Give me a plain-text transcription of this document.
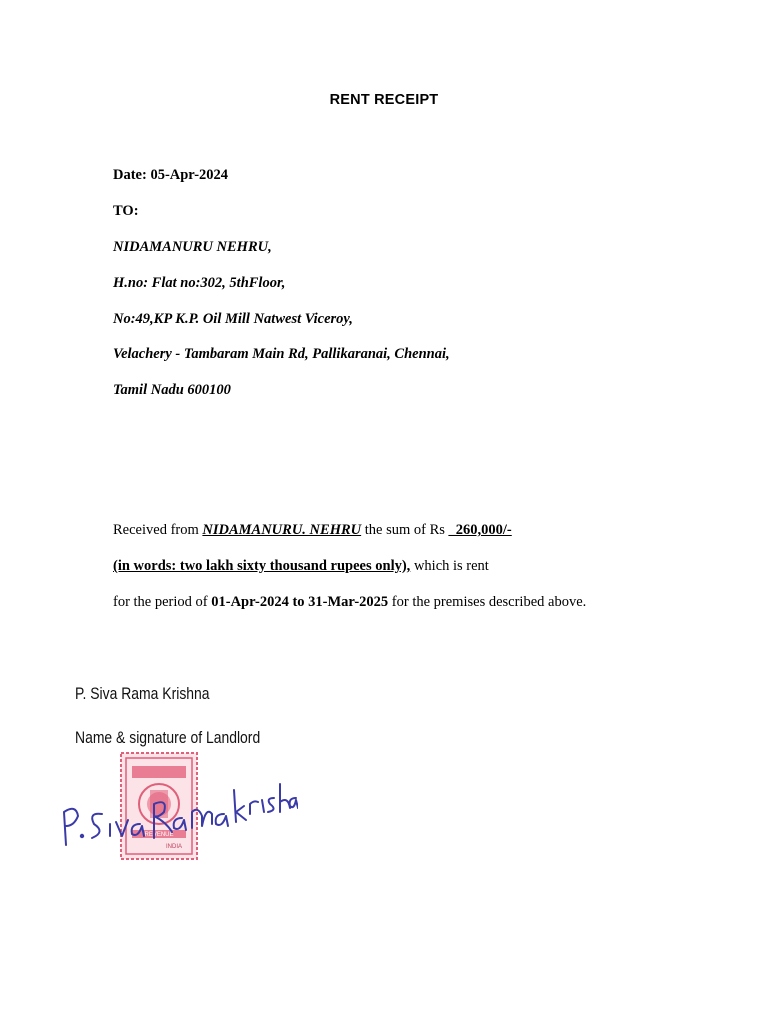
RENT RECEIPT
Date: 05-Apr-2024
TO:
NIDAMANURU NEHRU,
H.no: Flat no:302, 5thFloor,
No:49,KP K.P. Oil Mill Natwest Viceroy,
Velachery - Tambaram Main Rd, Pallikaranai, Chennai,
Tamil Nadu 600100
Received from NIDAMANURU. NEHRU the sum of Rs _260,000/-
(in words: two lakh sixty thousand rupees only), which is rent
for the period of 01-Apr-2024 to 31-Mar-2025 for the premises described above.
P. Siva Rama Krishna
Name & signature of Landlord
REVENUE
INDIA
P.Siva Rama Krishna
